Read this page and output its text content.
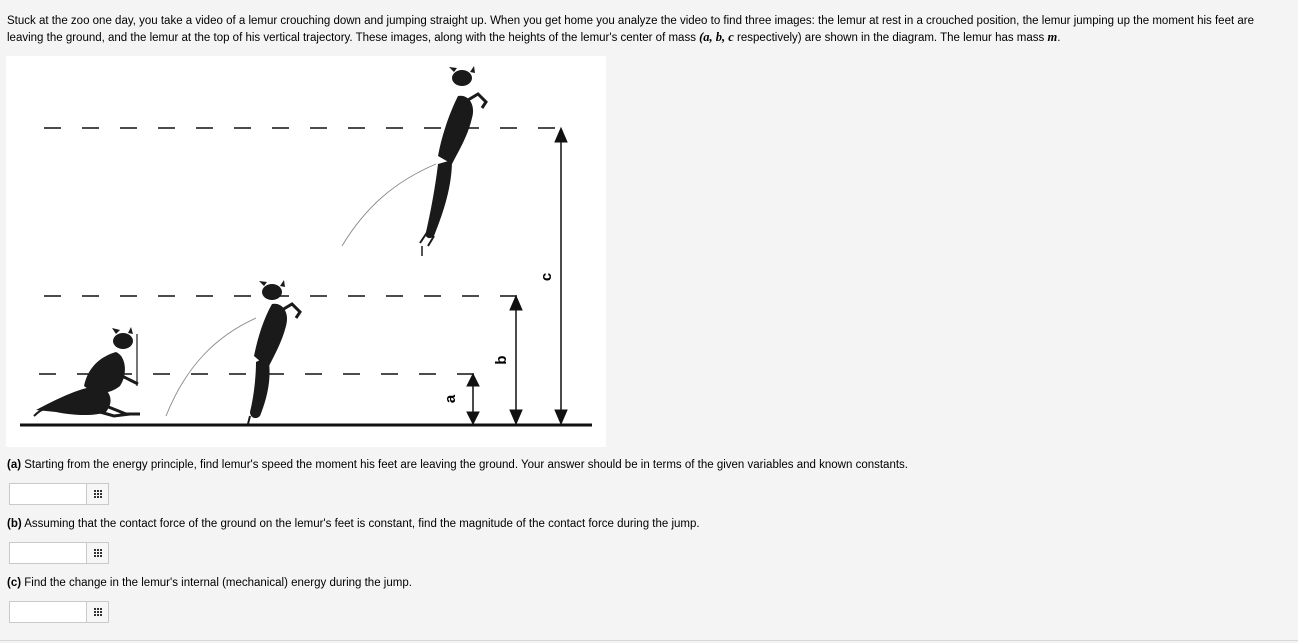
Stuck at the zoo one day, you take a video of a lemur crouching down and jumping straight up. When you get home you analyze the video to find three images: the lemur at rest in a crouched position, the lemur jumping up the moment his feet are leaving the ground, and the lemur at the top of his vertical trajectory. These images, along with the heights of the lemur's center of mass (a, b, c respectively) are shown in the diagram. The lemur has mass m.
a
b
c
(a) Starting from the energy principle, find lemur's speed the moment his feet are leaving the ground. Your answer should be in terms of the given variables and known constants.
(b) Assuming that the contact force of the ground on the lemur's feet is constant, find the magnitude of the contact force during the jump.
(c) Find the change in the lemur's internal (mechanical) energy during the jump.
